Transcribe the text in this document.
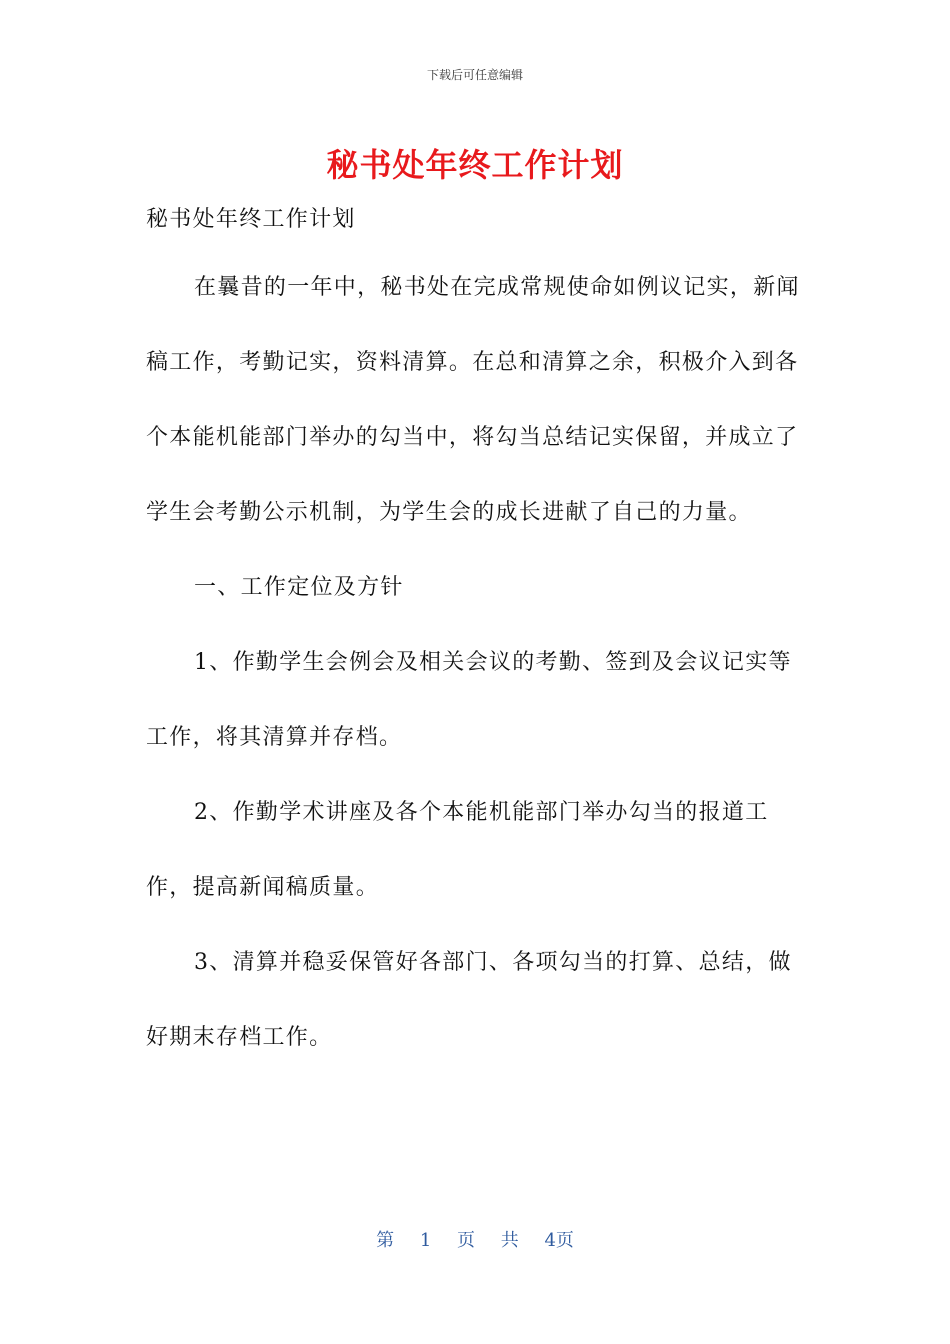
下载后可任意编辑
秘书处年终工作计划

秘书处年终工作计划

在曩昔的一年中，秘书处在完成常规使命如例议记实，新闻稿工作，考勤记实，资料清算。在总和清算之余，积极介入到各个本能机能部门举办的勾当中，将勾当总结记实保留，并成立了学生会考勤公示机制，为学生会的成长进献了自己的力量。

一、工作定位及方针

1、作勤学生会例会及相关会议的考勤、签到及会议记实等工作，将其清算并存档。

2、作勤学术讲座及各个本能机能部门举办勾当的报道工作，提高新闻稿质量。

3、清算并稳妥保管好各部门、各项勾当的打算、总结，做好期末存档工作。

第 1 页 共 4页
